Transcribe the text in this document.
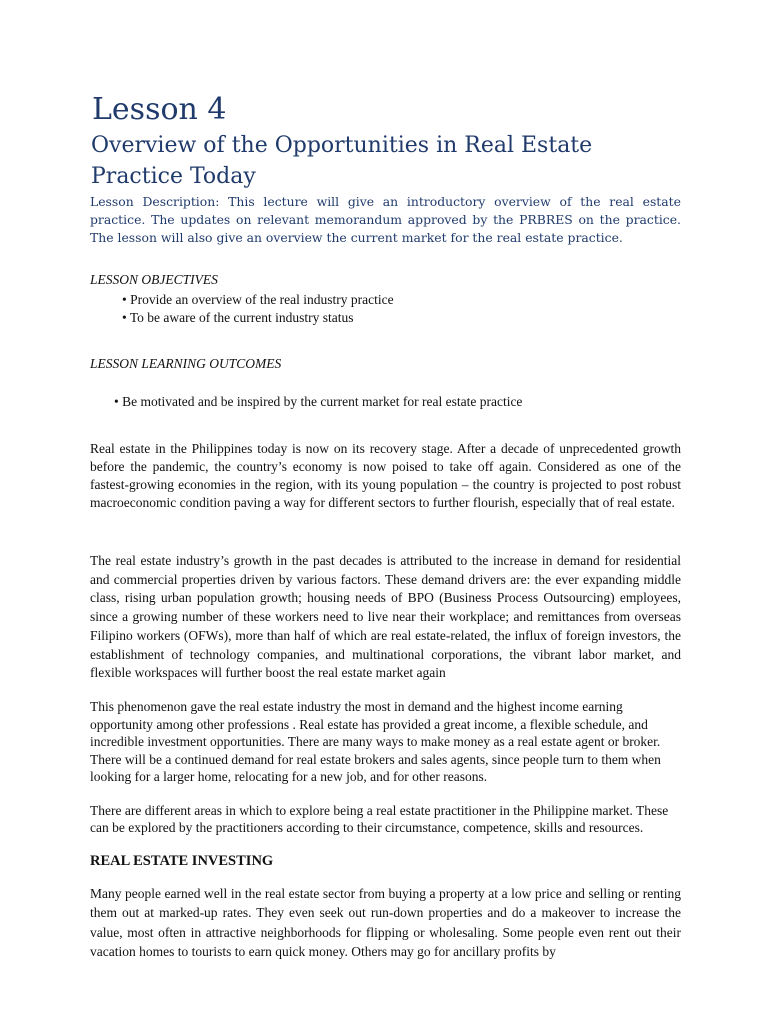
Lesson 4
Overview of the Opportunities in Real Estate Practice Today
Lesson Description: This lecture will give an introductory overview of the real estate practice. The updates on relevant memorandum approved by the PRBRES on the practice. The lesson will also give an overview the current market for the real estate practice.
LESSON OBJECTIVES
• Provide an overview of the real industry practice
• To be aware of the current industry status
LESSON LEARNING OUTCOMES
• Be motivated and be inspired by the current market for real estate practice

Real estate in the Philippines today is now on its recovery stage. After a decade of unprecedented growth before the pandemic, the country’s economy is now poised to take off again. Considered as one of the fastest-growing economies in the region, with its young population – the country is projected to post robust macroeconomic condition paving a way for different sectors to further flourish, especially that of real estate.

The real estate industry’s growth in the past decades is attributed to the increase in demand for residential and commercial properties driven by various factors. These demand drivers are: the ever expanding middle class, rising urban population growth; housing needs of BPO (Business Process Outsourcing) employees, since a growing number of these workers need to live near their workplace; and remittances from overseas Filipino workers (OFWs), more than half of which are real estate-related, the influx of foreign investors, the establishment of technology companies, and multinational corporations, the vibrant labor market, and flexible workspaces will further boost the real estate market again

This phenomenon gave the real estate industry the most in demand and the highest income earning opportunity among other professions . Real estate has provided a great income, a flexible schedule, and incredible investment opportunities. There are many ways to make money as a real estate agent or broker. There will be a continued demand for real estate brokers and sales agents, since people turn to them when looking for a larger home, relocating for a new job, and for other reasons.

There are different areas in which to explore being a real estate practitioner in the Philippine market. These can be explored by the practitioners according to their circumstance, competence, skills and resources.

REAL ESTATE INVESTING

Many people earned well in the real estate sector from buying a property at a low price and selling or renting them out at marked-up rates. They even seek out run-down properties and do a makeover to increase the value, most often in attractive neighborhoods for flipping or wholesaling. Some people even rent out their vacation homes to tourists to earn quick money. Others may go for ancillary profits by
